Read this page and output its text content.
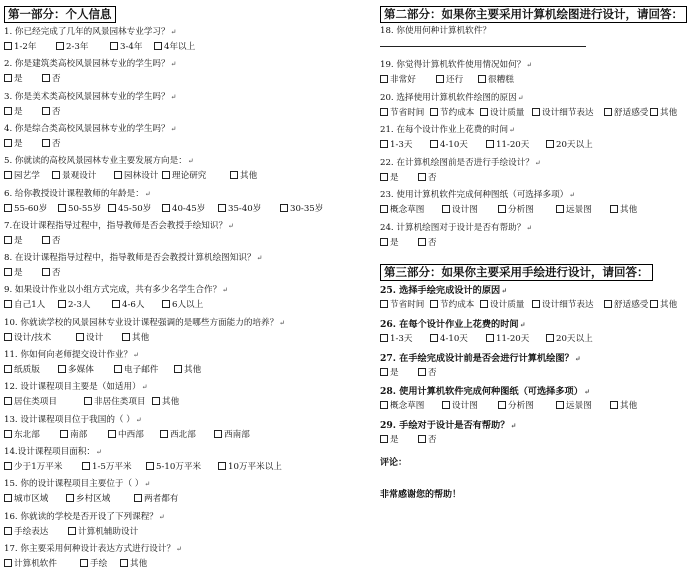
第一部分：个人信息
1. 你已经完成了几年的风景园林专业学习？↵
1-2年	2-3年	3-4年	4年以上
2. 你是建筑类高校风景园林专业的学生吗？↵
是	否
3. 你是美术类高校风景园林专业的学生吗？↵
是	否
4. 你是综合类高校风景园林专业的学生吗？↵
是	否
5. 你就读的高校风景园林专业主要发展方向是：↵
园艺学	景观设计	园林设计	理论研究	其他
6. 给你教授设计课程教师的年龄是：↵
55-60岁	50-55岁	45-50岁	40-45岁	35-40岁	30-35岁
7.在设计课程指导过程中，指导教师是否会教授手绘知识？↵
是	否
8. 在设计课程指导过程中，指导教师是否会教授计算机绘图知识？↵
是	否
9. 如果设计作业以小组方式完成，共有多少名学生合作？↵
自己1人	2-3人	4-6人	6人以上
10. 你就读学校的风景园林专业设计课程强调的是哪些方面能力的培养？↵
设计/技术	设计	其他
11. 你如何向老师提交设计作业？↵
纸质版	多媒体	电子邮件	其他
12. 设计课程项目主要是（如适用）↵
居住类项目	非居住类项目	其他
13. 设计课程项目位于我国的（ ）↵
东北部	南部	中西部	西北部	西南部
14.设计课程项目面积：↵
少于1万平米	1-5万平米	5-10万平米	10万平米以上
15. 你的设计课程项目主要位于（ ）↵
城市区域	乡村区域	两者都有
16. 你就读的学校是否开设了下列课程？↵
手绘表达	计算机辅助设计
17. 你主要采用何种设计表达方式进行设计？↵
计算机软件	手绘	其他
第二部分：如果你主要采用计算机绘图进行设计，请回答：
18. 你使用何种计算机软件？
19. 你觉得计算机软件使用情况如何？↵
非常好	还行	很糟糕
20. 选择使用计算机软件绘图的原因↵
节省时间	节约成本	设计质量	设计细节表达	舒适感受	其他
21. 在每个设计作业上花费的时间↵
1-3天	4-10天	11-20天	20天以上
22. 在计算机绘图前是否进行手绘设计？↵
是	否
23. 使用计算机软件完成何种图纸（可选择多项）↵
概念草图	设计图	分析图	远景图	其他
24. 计算机绘图对于设计是否有帮助？↵
是	否
第三部分：如果你主要采用手绘进行设计，请回答：
25. 选择手绘完成设计的原因↵
节省时间	节约成本	设计质量	设计细节表达	舒适感受	其他
26. 在每个设计作业上花费的时间↵
1-3天	4-10天	11-20天	20天以上
27. 在手绘完成设计前是否会进行计算机绘图？↵
是	否
28. 使用计算机软件完成何种图纸（可选择多项）↵
概念草图	设计图	分析图	远景图	其他
29. 手绘对于设计是否有帮助？↵
是	否
评论：
非常感谢您的帮助！
